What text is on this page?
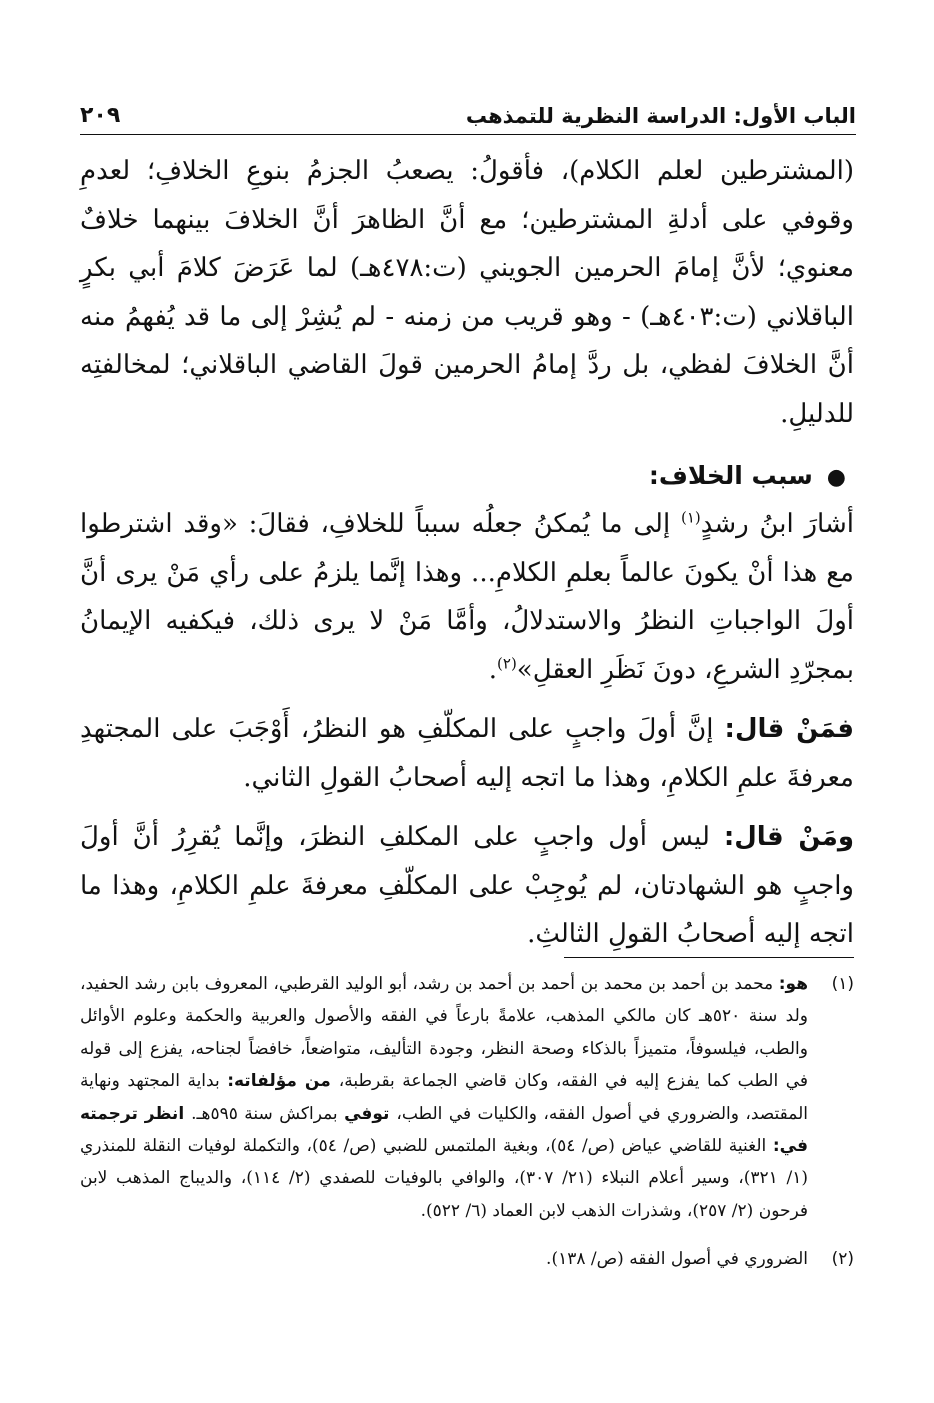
الباب الأول: الدراسة النظرية للتمذهب
٢٠٩

(المشترطين لعلم الكلام)، فأقولُ: يصعبُ الجزمُ بنوعِ الخلافِ؛ لعدمِ وقوفي على أدلةِ المشترطين؛ مع أنَّ الظاهرَ أنَّ الخلافَ بينهما خلافٌ معنوي؛ لأنَّ إمامَ الحرمين الجويني (ت:٤٧٨هـ) لما عَرَضَ كلامَ أبي بكرٍ الباقلاني (ت:٤٠٣هـ) - وهو قريب من زمنه - لم يُشِرْ إلى ما قد يُفهمُ منه أنَّ الخلافَ لفظي، بل ردَّ إمامُ الحرمين قولَ القاضي الباقلاني؛ لمخالفتِه للدليلِ.

●سبب الخلاف:

أشارَ ابنُ رشدٍ$^{(١)}$ إلى ما يُمكنُ جعلُه سبباً للخلافِ، فقالَ: «وقد اشترطوا مع هذا أنْ يكونَ عالماً بعلمِ الكلامِ... وهذا إنَّما يلزمُ على رأي مَنْ يرى أنَّ أولَ الواجباتِ النظرُ والاستدلالُ، وأمَّا مَنْ لا يرى ذلك، فيكفيه الإيمانُ بمجرّدِ الشرعِ، دونَ نَظَرِ العقلِ»$^{(٢)}$.

فمَنْ قال: إنَّ أولَ واجبٍ على المكلّفِ هو النظرُ، أَوْجَبَ على المجتهدِ معرفةَ علمِ الكلامِ، وهذا ما اتجه إليه أصحابُ القولِ الثاني.

ومَنْ قال: ليس أول واجبٍ على المكلفِ النظرَ، وإنَّما يُقرِرُ أنَّ أولَ واجبٍ هو الشهادتان، لم يُوجِبْ على المكلّفِ معرفةَ علمِ الكلامِ، وهذا ما اتجه إليه أصحابُ القولِ الثالثِ.

(١)
هو: محمد بن أحمد بن محمد بن أحمد بن أحمد بن رشد، أبو الوليد القرطبي، المعروف بابن رشد الحفيد، ولد سنة ٥٢٠هـ كان مالكي المذهب، علامةً بارعاً في الفقه والأصول والعربية والحكمة وعلوم الأوائل والطب، فيلسوفاً، متميزاً بالذكاء وصحة النظر، وجودة التأليف، متواضعاً، خافضاً لجناحه، يفزع إلى قوله في الطب كما يفزع إليه في الفقه، وكان قاضي الجماعة بقرطبة، من مؤلفاته: بداية المجتهد ونهاية المقتصد، والضروري في أصول الفقه، والكليات في الطب، توفي بمراكش سنة ٥٩٥هـ. انظر ترجمته في: الغنية للقاضي عياض (ص/ ٥٤)، وبغية الملتمس للضبي (ص/ ٥٤)، والتكملة لوفيات النقلة للمنذري (١/ ٣٢١)، وسير أعلام النبلاء (٢١/ ٣٠٧)، والوافي بالوفيات للصفدي (٢/ ١١٤)، والديباج المذهب لابن فرحون (٢/ ٢٥٧)، وشذرات الذهب لابن العماد (٦/ ٥٢٢).
(٢)
الضروري في أصول الفقه (ص/ ١٣٨).
